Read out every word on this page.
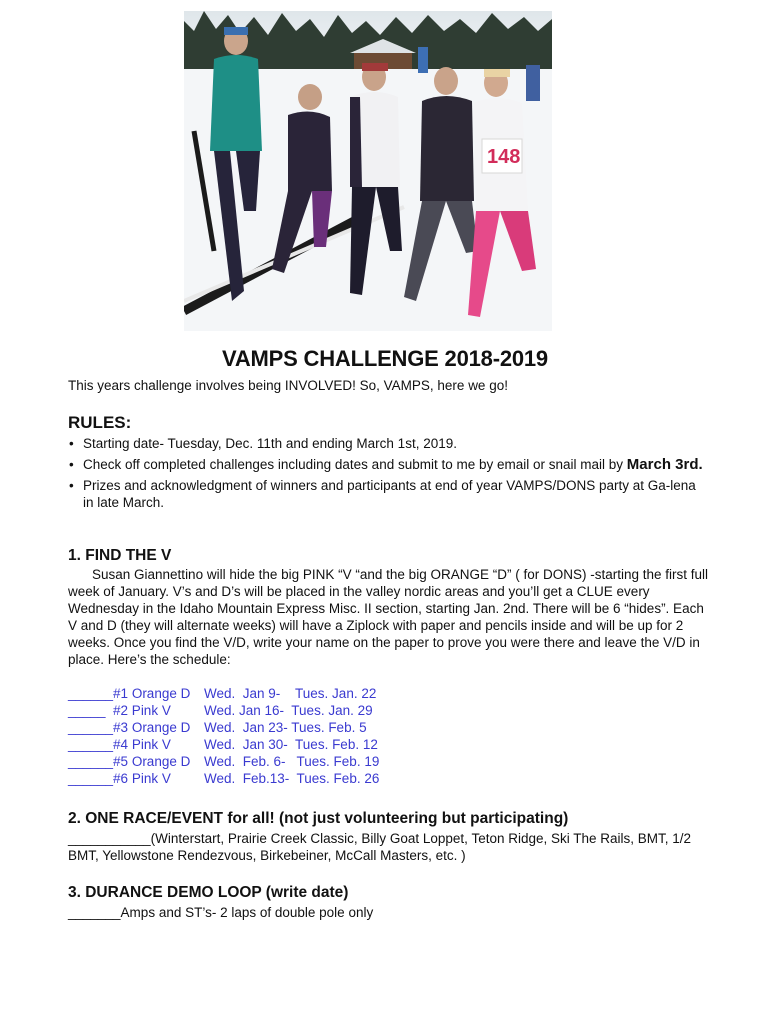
148
VAMPS CHALLENGE 2018-2019
This years challenge involves being INVOLVED! So, VAMPS, here we go!
RULES:
• Starting date- Tuesday, Dec. 11th and ending March 1st, 2019.
• Check off completed challenges including dates and submit to me by email or snail mail by March 3rd.
• Prizes and acknowledgment of winners and participants at end of year VAMPS/DONS party at Ga-lena in late March.
1. FIND THE V
Susan Giannettino will hide the big PINK “V “and the big ORANGE “D” ( for DONS) -starting the first full week of January. V’s and D’s will be placed in the valley nordic areas and you’ll get a CLUE every Wednesday in the Idaho Mountain Express Misc. II section, starting Jan. 2nd. There will be 6 “hides”. Each V and D (they will alternate weeks) will have a Ziplock with paper and pencils inside and will be up for 2 weeks. Once you find the V/D, write your name on the paper to prove you were there and leave the V/D in place. Here’s the schedule:
______#1 Orange D Wed.  Jan 9-    Tues. Jan. 22
_____  #2 Pink V Wed. Jan 16-  Tues. Jan. 29
______#3 Orange D Wed.  Jan 23- Tues. Feb. 5
______#4 Pink V Wed.  Jan 30-  Tues. Feb. 12
______#5 Orange D Wed.  Feb. 6-   Tues. Feb. 19
______#6 Pink V Wed.  Feb.13-  Tues. Feb. 26
2. ONE RACE/EVENT for all! (not just volunteering but participating)
___________(Winterstart, Prairie Creek Classic, Billy Goat Loppet, Teton Ridge, Ski The Rails, BMT, 1/2 BMT, Yellowstone Rendezvous, Birkebeiner, McCall Masters, etc. )
3. DURANCE DEMO LOOP (write date)
_______Amps and ST’s- 2 laps of double pole only
